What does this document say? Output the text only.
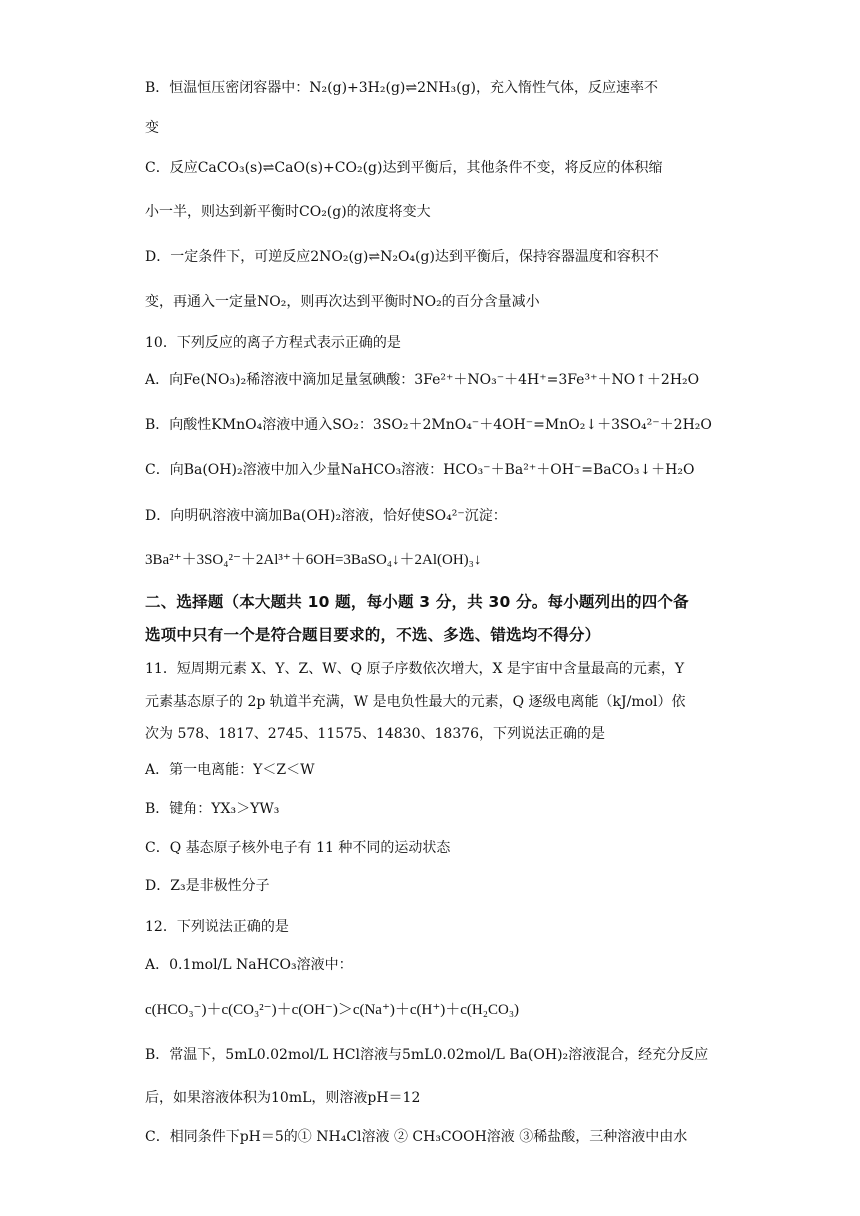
B．恒温恒压密闭容器中：N₂(g)+3H₂(g)⇌2NH₃(g)，充入惰性气体，反应速率不
变
C．反应CaCO₃(s)⇌CaO(s)+CO₂(g)达到平衡后，其他条件不变，将反应的体积缩
小一半，则达到新平衡时CO₂(g)的浓度将变大
D．一定条件下，可逆反应2NO₂(g)⇌N₂O₄(g)达到平衡后，保持容器温度和容积不
变，再通入一定量NO₂，则再次达到平衡时NO₂的百分含量减小
10．下列反应的离子方程式表示正确的是
A．向Fe(NO₃)₂稀溶液中滴加足量氢碘酸：3Fe²⁺＋NO₃⁻＋4H⁺=3Fe³⁺＋NO↑＋2H₂O
B．向酸性KMnO₄溶液中通入SO₂：3SO₂＋2MnO₄⁻＋4OH⁻=MnO₂↓＋3SO₄²⁻＋2H₂O
C．向Ba(OH)₂溶液中加入少量NaHCO₃溶液：HCO₃⁻＋Ba²⁺＋OH⁻=BaCO₃↓＋H₂O
D．向明矾溶液中滴加Ba(OH)₂溶液，恰好使SO₄²⁻沉淀：
3Ba²⁺＋3SO₄²⁻＋2Al³⁺＋6OH=3BaSO₄↓＋2Al(OH)₃↓
二、选择题（本大题共 10 题，每小题 3 分，共 30 分。每小题列出的四个备
选项中只有一个是符合题目要求的，不选、多选、错选均不得分）
11．短周期元素 X、Y、Z、W、Q 原子序数依次增大，X 是宇宙中含量最高的元素，Y
元素基态原子的 2p 轨道半充满，W 是电负性最大的元素，Q 逐级电离能（kJ/mol）依
次为 578、1817、2745、11575、14830、18376，下列说法正确的是
A．第一电离能：Y＜Z＜W
B．键角：YX₃＞YW₃
C．Q 基态原子核外电子有 11 种不同的运动状态
D．Z₃是非极性分子
12．下列说法正确的是
A．0.1mol/L NaHCO₃溶液中：
c(HCO₃⁻)＋c(CO₃²⁻)＋c(OH⁻)＞c(Na⁺)＋c(H⁺)＋c(H₂CO₃)
B．常温下，5mL0.02mol/L HCl溶液与5mL0.02mol/L Ba(OH)₂溶液混合，经充分反应
后，如果溶液体积为10mL，则溶液pH＝12
C．相同条件下pH＝5的① NH₄Cl溶液 ② CH₃COOH溶液 ③稀盐酸，三种溶液中由水
